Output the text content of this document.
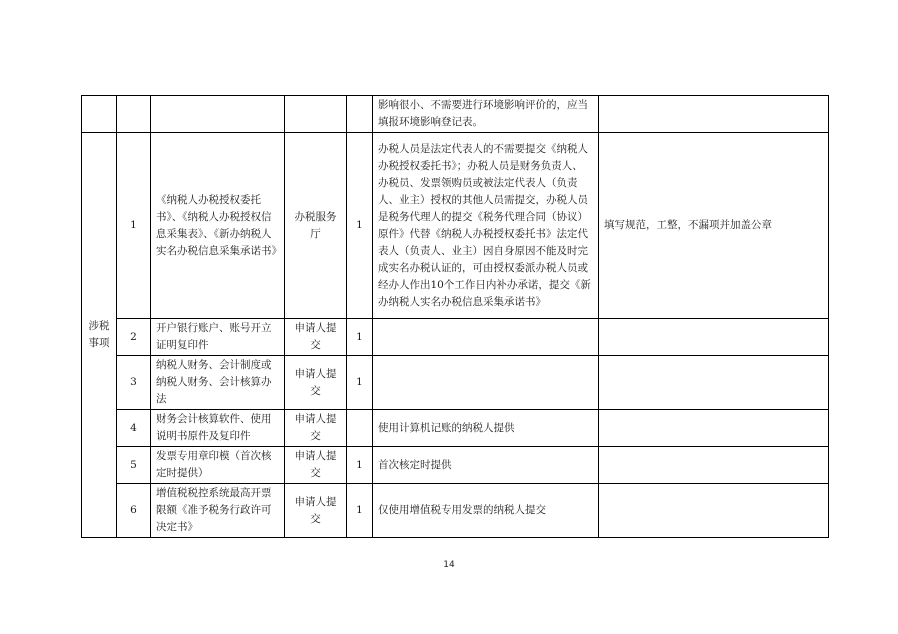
					影响很小、不需要进行环境影响评价的，应当填报环境影响登记表。	
涉税事项	1	《纳税人办税授权委托书》、《纳税人办税授权信息采集表》、《新办纳税人实名办税信息采集承诺书》	办税服务厅	1	办税人员是法定代表人的不需要提交《纳税人办税授权委托书》；办税人员是财务负责人、办税员、发票领购员或被法定代表人（负责人、业主）授权的其他人员需提交，办税人员是税务代理人的提交《税务代理合同（协议）原件》代替《纳税人办税授权委托书》法定代表人（负责人、业主）因自身原因不能及时完成实名办税认证的，可由授权委派办税人员或经办人作出10个工作日内补办承诺，提交《新办纳税人实名办税信息采集承诺书》	填写规范，工整，不漏项并加盖公章
	2	开户银行账户、账号开立证明复印件	申请人提交	1		
	3	纳税人财务、会计制度或纳税人财务、会计核算办法	申请人提交	1		
	4	财务会计核算软件、使用说明书原件及复印件	申请人提交		使用计算机记账的纳税人提供	
	5	发票专用章印模（首次核定时提供）	申请人提交	1	首次核定时提供	
	6	增值税税控系统最高开票限额《准予税务行政许可决定书》	申请人提交	1	仅使用增值税专用发票的纳税人提交	
14
